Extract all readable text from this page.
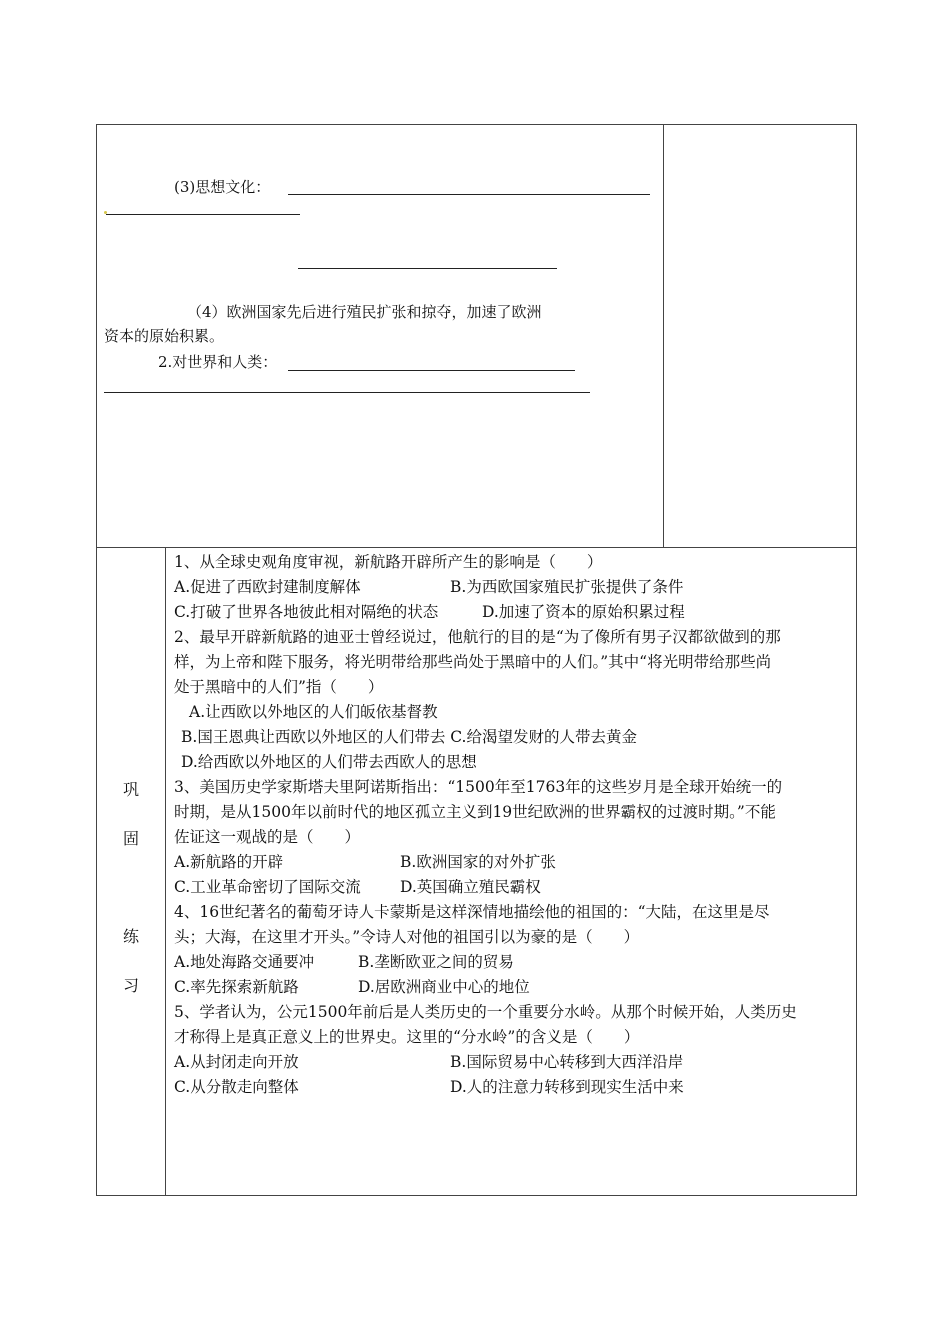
(3)思想文化：
（4）欧洲国家先后进行殖民扩张和掠夺，加速了欧洲
资本的原始积累。
2.对世界和人类：
巩
固
练
习
1、从全球史观角度审视，新航路开辟所产生的影响是（　　）
A.促进了西欧封建制度解体	B.为西欧国家殖民扩张提供了条件
C.打破了世界各地彼此相对隔绝的状态	D.加速了资本的原始积累过程
2、最早开辟新航路的迪亚士曾经说过，他航行的目的是“为了像所有男子汉都欲做到的那
样，为上帝和陛下服务，将光明带给那些尚处于黑暗中的人们。”其中“将光明带给那些尚
处于黑暗中的人们”指（　　）
A.让西欧以外地区的人们皈依基督教
B.国王恩典让西欧以外地区的人们带去 C.给渴望发财的人带去黄金
D.给西欧以外地区的人们带去西欧人的思想
3、美国历史学家斯塔夫里阿诺斯指出：“1500年至1763年的这些岁月是全球开始统一的
时期，是从1500年以前时代的地区孤立主义到19世纪欧洲的世界霸权的过渡时期。”不能
佐证这一观战的是（　　）
A.新航路的开辟	B.欧洲国家的对外扩张
C.工业革命密切了国际交流	D.英国确立殖民霸权
4、16世纪著名的葡萄牙诗人卡蒙斯是这样深情地描绘他的祖国的：“大陆，在这里是尽
头；大海，在这里才开头。”令诗人对他的祖国引以为豪的是（　　）
A.地处海路交通要冲	B.垄断欧亚之间的贸易
C.率先探索新航路	D.居欧洲商业中心的地位
5、学者认为，公元1500年前后是人类历史的一个重要分水岭。从那个时候开始，人类历史
才称得上是真正意义上的世界史。这里的“分水岭”的含义是（　　）
A.从封闭走向开放	B.国际贸易中心转移到大西洋沿岸
C.从分散走向整体	D.人的注意力转移到现实生活中来
